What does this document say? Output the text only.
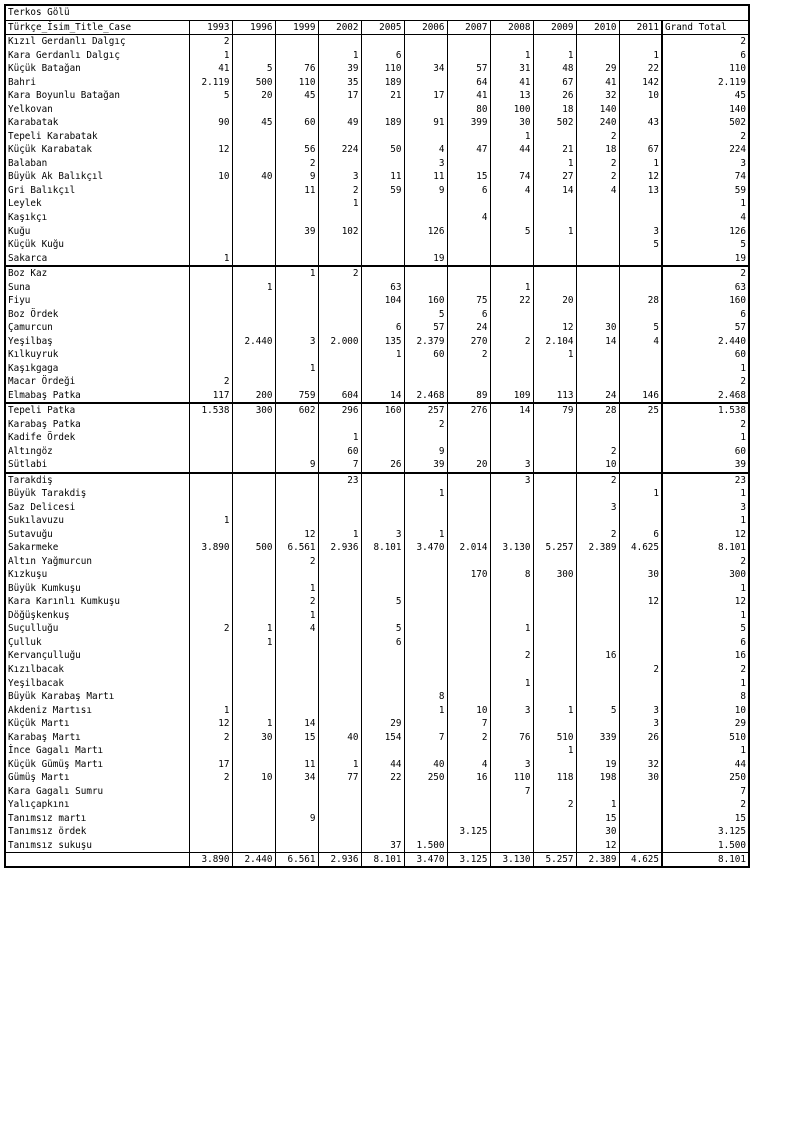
Terkos Gölü												
Türkçe_İsim_Title_Case	1993	1996	1999	2002	2005	2006	2007	2008	2009	2010	2011	Grand Total
Kızıl Gerdanlı Dalgıç	2											2
Kara Gerdanlı Dalgıç	1			1	6			1	1		1	6
Küçük Batağan	41	5	76	39	110	34	57	31	48	29	22	110
Bahri	2.119	500	110	35	189		64	41	67	41	142	2.119
Kara Boyunlu Batağan	5	20	45	17	21	17	41	13	26	32	10	45
Yelkovan							80	100	18	140		140
Karabatak	90	45	60	49	189	91	399	30	502	240	43	502
Tepeli Karabatak								1		2		2
Küçük Karabatak	12		56	224	50	4	47	44	21	18	67	224
Balaban			2			3			1	2	1	3
Büyük Ak Balıkçıl	10	40	9	3	11	11	15	74	27	2	12	74
Gri Balıkçıl			11	2	59	9	6	4	14	4	13	59
Leylek				1								1
Kaşıkçı							4					4
Kuğu			39	102		126		5	1		3	126
Küçük Kuğu											5	5
Sakarca	1					19						19
Boz Kaz			1	2								2
Suna		1			63			1				63
Fiyu					104	160	75	22	20		28	160
Boz Ördek						5	6					6
Çamurcun					6	57	24		12	30	5	57
Yeşilbaş		2.440	3	2.000	135	2.379	270	2	2.104	14	4	2.440
Kılkuyruk					1	60	2		1			60
Kaşıkgaga			1									1
Macar Ördeği	2											2
Elmabaş Patka	117	200	759	604	14	2.468	89	109	113	24	146	2.468
Tepeli Patka	1.538	300	602	296	160	257	276	14	79	28	25	1.538
Karabaş Patka						2						2
Kadife Ördek				1								1
Altıngöz				60		9				2		60
Sütlabi			9	7	26	39	20	3		10		39
Tarakdiş				23				3		2		23
Büyük Tarakdiş						1					1	1
Saz Delicesi										3		3
Sukılavuzu	1											1
Sutavuğu			12	1	3	1				2	6	12
Sakarmeke	3.890	500	6.561	2.936	8.101	3.470	2.014	3.130	5.257	2.389	4.625	8.101
Altın Yağmurcun			2									2
Kızkuşu							170	8	300		30	300
Büyük Kumkuşu			1									1
Kara Karınlı Kumkuşu			2		5						12	12
Döğüşkenkuş			1									1
Suçulluğu	2	1	4		5			1				5
Çulluk		1			6							6
Kervançulluğu								2		16		16
Kızılbacak											2	2
Yeşilbacak								1				1
Büyük Karabaş Martı						8						8
Akdeniz Martısı	1					1	10	3	1	5	3	10
Küçük Martı	12	1	14		29		7				3	29
Karabaş Martı	2	30	15	40	154	7	2	76	510	339	26	510
İnce Gagalı Martı									1			1
Küçük Gümüş Martı	17		11	1	44	40	4	3		19	32	44
Gümüş Martı	2	10	34	77	22	250	16	110	118	198	30	250
Kara Gagalı Sumru								7				7
Yalıçapkını									2	1		2
Tanımsız martı			9							15		15
Tanımsız ördek							3.125			30		3.125
Tanımsız sukuşu					37	1.500				12		1.500
	3.890	2.440	6.561	2.936	8.101	3.470	3.125	3.130	5.257	2.389	4.625	8.101
